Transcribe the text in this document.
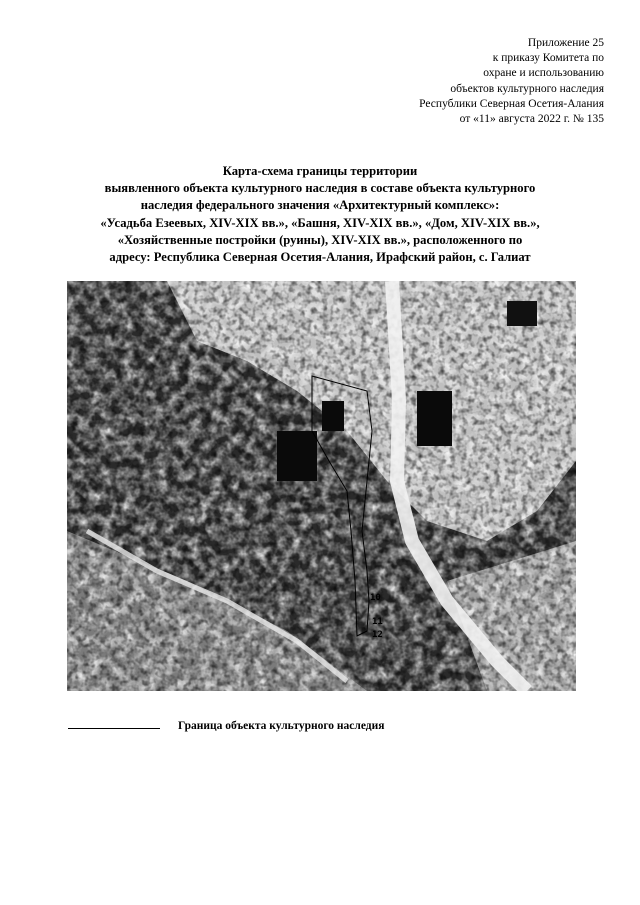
Приложение 25
к приказу Комитета по
охране и использованию
объектов культурного наследия
Республики Северная Осетия-Алания
от «11» августа 2022 г. № 135
Карта-схема границы территории
выявленного объекта культурного наследия в составе объекта культурного
наследия федерального значения «Архитектурный комплекс»:
«Усадьба Езеевых, XIV-XIX вв.», «Башня, XIV-XIX вв.», «Дом, XIV-XIX вв.»,
«Хозяйственные постройки (руины), XIV-XIX вв.», расположенного по
адресу: Республика Северная Осетия-Алания, Ирафский район, с. Галиат
10
11
12
Граница объекта культурного наследия
